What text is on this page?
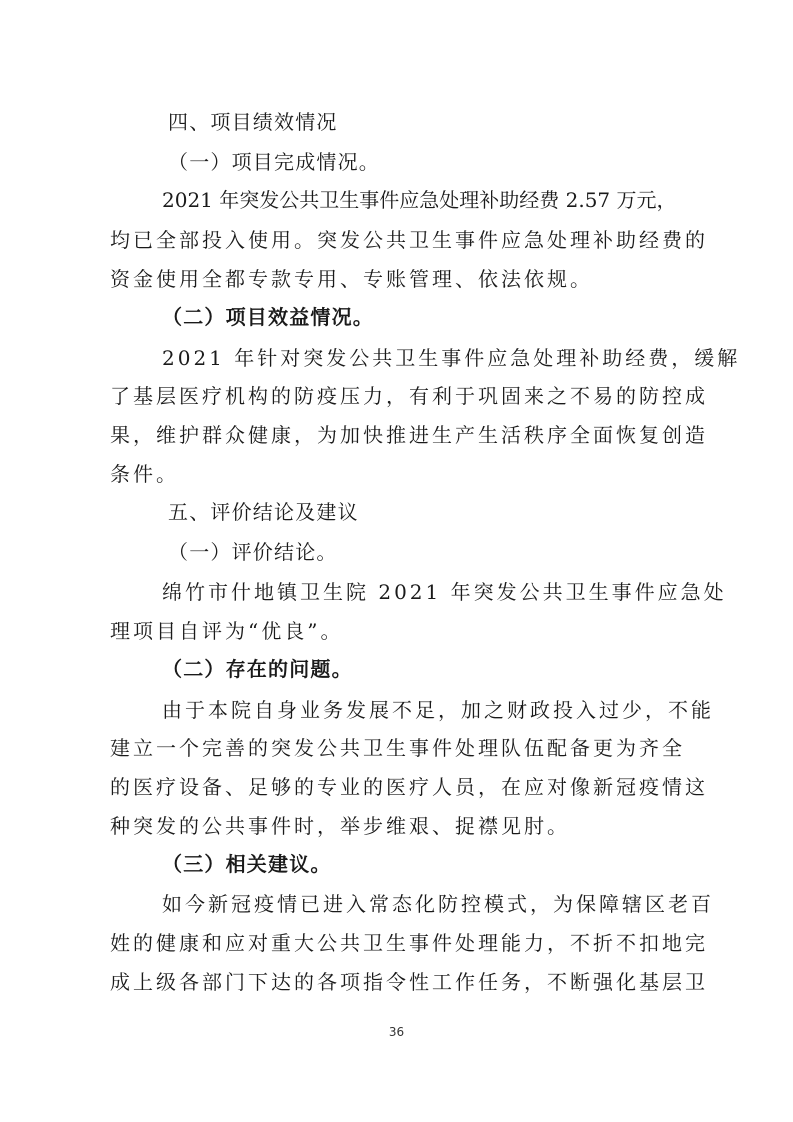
四、项目绩效情况
（一）项目完成情况。
2021 年突发公共卫生事件应急处理补助经费 2.57 万元，
均已全部投入使用。突发公共卫生事件应急处理补助经费的
资金使用全都专款专用、专账管理、依法依规。
（二）项目效益情况。
2021 年针对突发公共卫生事件应急处理补助经费，缓解
了基层医疗机构的防疫压力，有利于巩固来之不易的防控成
果，维护群众健康，为加快推进生产生活秩序全面恢复创造
条件。
五、评价结论及建议
（一）评价结论。
绵竹市什地镇卫生院 2021 年突发公共卫生事件应急处
理项目自评为“优良”。
（二）存在的问题。
由于本院自身业务发展不足，加之财政投入过少，不能
建立一个完善的突发公共卫生事件处理队伍配备更为齐全
的医疗设备、足够的专业的医疗人员，在应对像新冠疫情这
种突发的公共事件时，举步维艰、捉襟见肘。
（三）相关建议。
如今新冠疫情已进入常态化防控模式，为保障辖区老百
姓的健康和应对重大公共卫生事件处理能力，不折不扣地完
成上级各部门下达的各项指令性工作任务，不断强化基层卫
36
